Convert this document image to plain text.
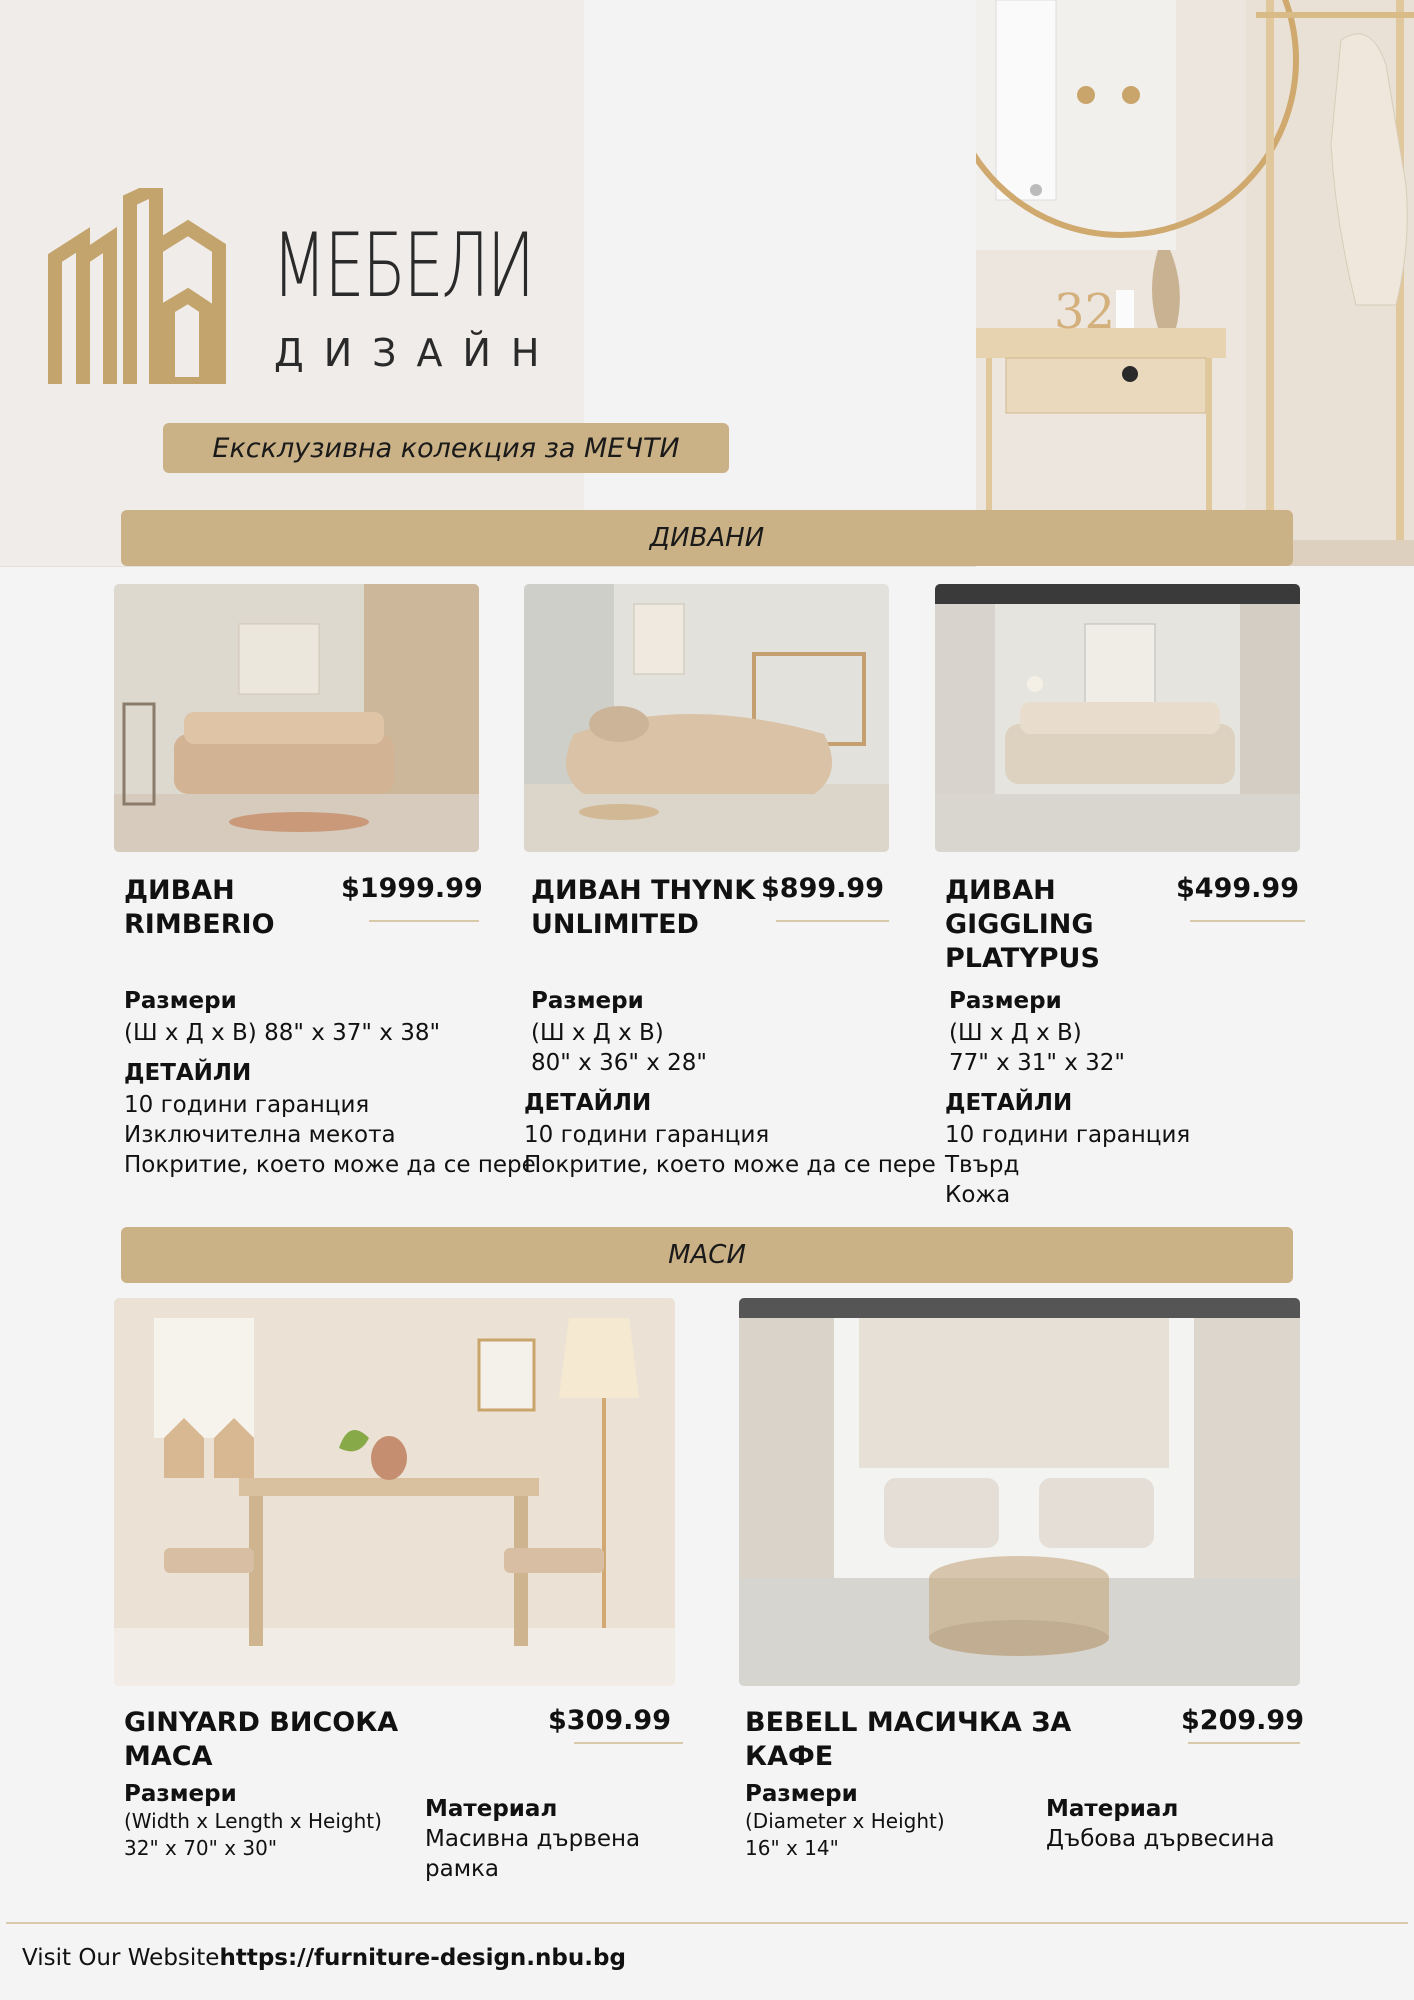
32
МЕБЕЛИ
ДИЗАЙН
Ексклузивна колекция за МЕЧТИ
ДИВАНИ
ДИВАН
RIMBERIO
$1999.99
Размери
(Ш x Д x В) 88" x 37" x 38"
ДЕТАЙЛИ
10 години гаранция
Изключителна мекота
Покритие, което може да се пере
ДИВАН THYNK
UNLIMITED
$899.99
Размери
(Ш x Д x В)
80" x 36" x 28"
ДЕТАЙЛИ
10 години гаранция
Покритие, което може да се пере
ДИВАН
GIGGLING
PLATYPUS
$499.99
Размери
(Ш x Д x В)
77" x 31" x 32"
ДЕТАЙЛИ
10 години гаранция
Твърд
Кожа
МАСИ
GINYARD ВИСОКА
МАСА
$309.99
Размери
(Width x Length x Height)
32" x 70" x 30"
Материал
Масивна дървена
рамка
BEBELL МАСИЧКА ЗА
КАФЕ
$209.99
Размери
(Diameter x Height)
16" x 14"
Материал
Дъбова дървесина
Visit Our Websitehttps://furniture-design.nbu.bg
